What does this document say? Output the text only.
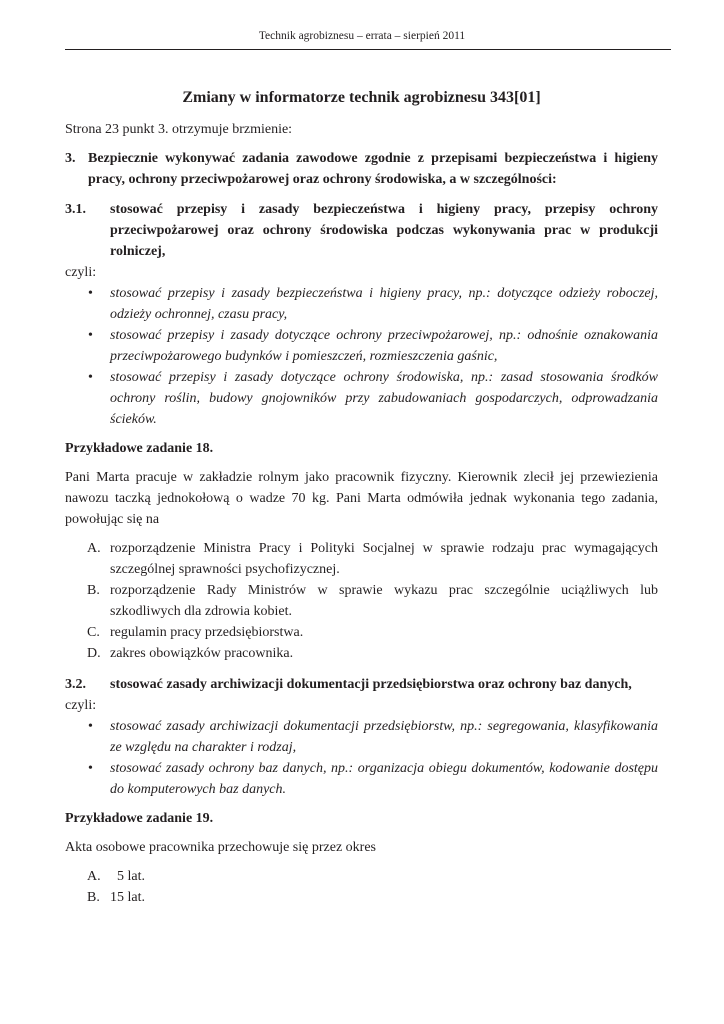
Technik agrobiznesu – errata – sierpień 2011

Zmiany w informatorze technik agrobiznesu 343[01]

Strona 23 punkt 3. otrzymuje brzmienie:

3. Bezpiecznie wykonywać zadania zawodowe zgodnie z przepisami bezpieczeństwa i higieny pracy, ochrony przeciwpożarowej oraz ochrony środowiska, a w szczególności:
3.1.	stosować przepisy i zasady bezpieczeństwa i higieny pracy, przepisy ochrony przeciwpożarowej oraz ochrony środowiska podczas wykonywania prac w produkcji rolniczej,

czyli:

•	stosować przepisy i zasady bezpieczeństwa i higieny pracy, np.: dotyczące odzieży roboczej, odzieży ochronnej, czasu pracy,
•	stosować przepisy i zasady dotyczące ochrony przeciwpożarowej, np.: odnośnie oznakowania przeciwpożarowego budynków i pomieszczeń, rozmieszczenia gaśnic,
•	stosować przepisy i zasady dotyczące ochrony środowiska, np.: zasad stosowania środków ochrony roślin, budowy gnojowników przy zabudowaniach gospodarczych, odprowadzania ścieków.

Przykładowe zadanie 18.

Pani Marta pracuje w zakładzie rolnym jako pracownik fizyczny. Kierownik zlecił jej przewiezienia nawozu taczką jednokołową o wadze 70 kg. Pani Marta odmówiła jednak wykonania tego zadania, powołując się na

A. rozporządzenie Ministra Pracy i Polityki Socjalnej w sprawie rodzaju prac wymagających szczególnej sprawności psychofizycznej.
B. rozporządzenie Rady Ministrów w sprawie wykazu prac szczególnie uciążliwych lub szkodliwych dla zdrowia kobiet.
C. regulamin pracy przedsiębiorstwa.
D. zakres obowiązków pracownika.
3.2.	stosować zasady archiwizacji dokumentacji przedsiębiorstwa oraz ochrony baz danych,

czyli:

•	stosować zasady archiwizacji dokumentacji przedsiębiorstw, np.: segregowania, klasyfikowania ze względu na charakter i rodzaj,
•	stosować zasady ochrony baz danych, np.: organizacja obiegu dokumentów, kodowanie dostępu do komputerowych baz danych.

Przykładowe zadanie 19.

Akta osobowe pracownika przechowuje się przez okres

A. 5 lat.
B. 15 lat.
